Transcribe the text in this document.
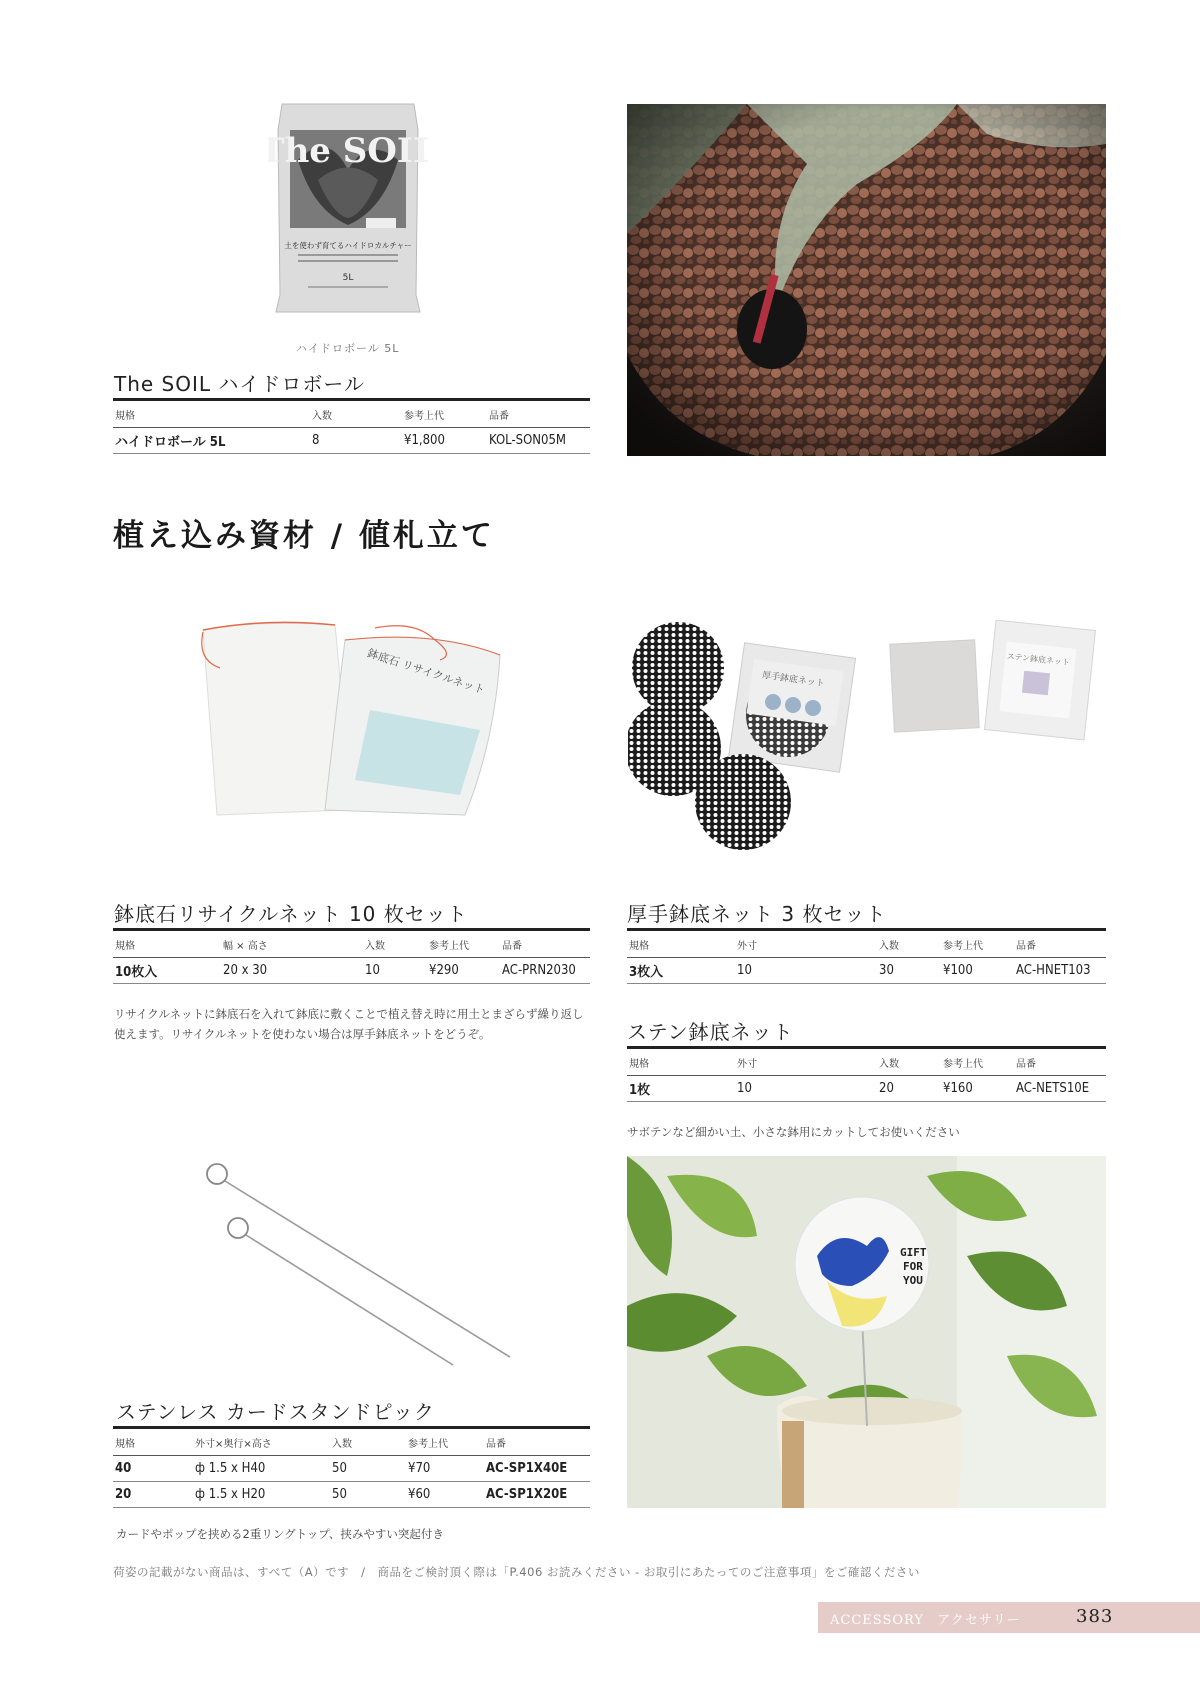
The SOIL
土を使わず育てるハイドロカルチャー
5L
ハイドロボール 5L
The SOIL ハイドロボール
規格	入数	参考上代	品番
ハイドロボール 5L	8	¥1,800	KOL-SON05M
植え込み資材 / 値札立て
鉢底石 リサイクルネット
鉢底石リサイクルネット 10 枚セット
規格	幅 × 高さ	入数	参考上代	品番
10枚入	20 x 30	10	¥290	AC-PRN2030
リサイクルネットに鉢底石を入れて鉢底に敷くことで植え替え時に用土とまざらず繰り返し使えます。リサイクルネットを使わない場合は厚手鉢底ネットをどうぞ。
厚手鉢底ネット
ステン鉢底ネット
厚手鉢底ネット 3 枚セット
規格	外寸	入数	参考上代	品番
3枚入	10	30	¥100	AC-HNET103
ステン鉢底ネット
規格	外寸	入数	参考上代	品番
1枚	10	20	¥160	AC-NETS10E
サボテンなど細かい土、小さな鉢用にカットしてお使いください
ステンレス カードスタンドピック
規格	外寸×奥行×高さ	入数	参考上代	品番
40	ф 1.5 x H40	50	¥70	AC-SP1X40E
20	ф 1.5 x H20	50	¥60	AC-SP1X20E
カードやポップを挟める2重リングトップ、挟みやすい突起付き
GIFT
FOR
YOU
荷姿の記載がない商品は、すべて（A）です　/　商品をご検討頂く際は「P.406 お読みください - お取引にあたってのご注意事項」をご確認ください
ACCESSORY アクセサリー	383
